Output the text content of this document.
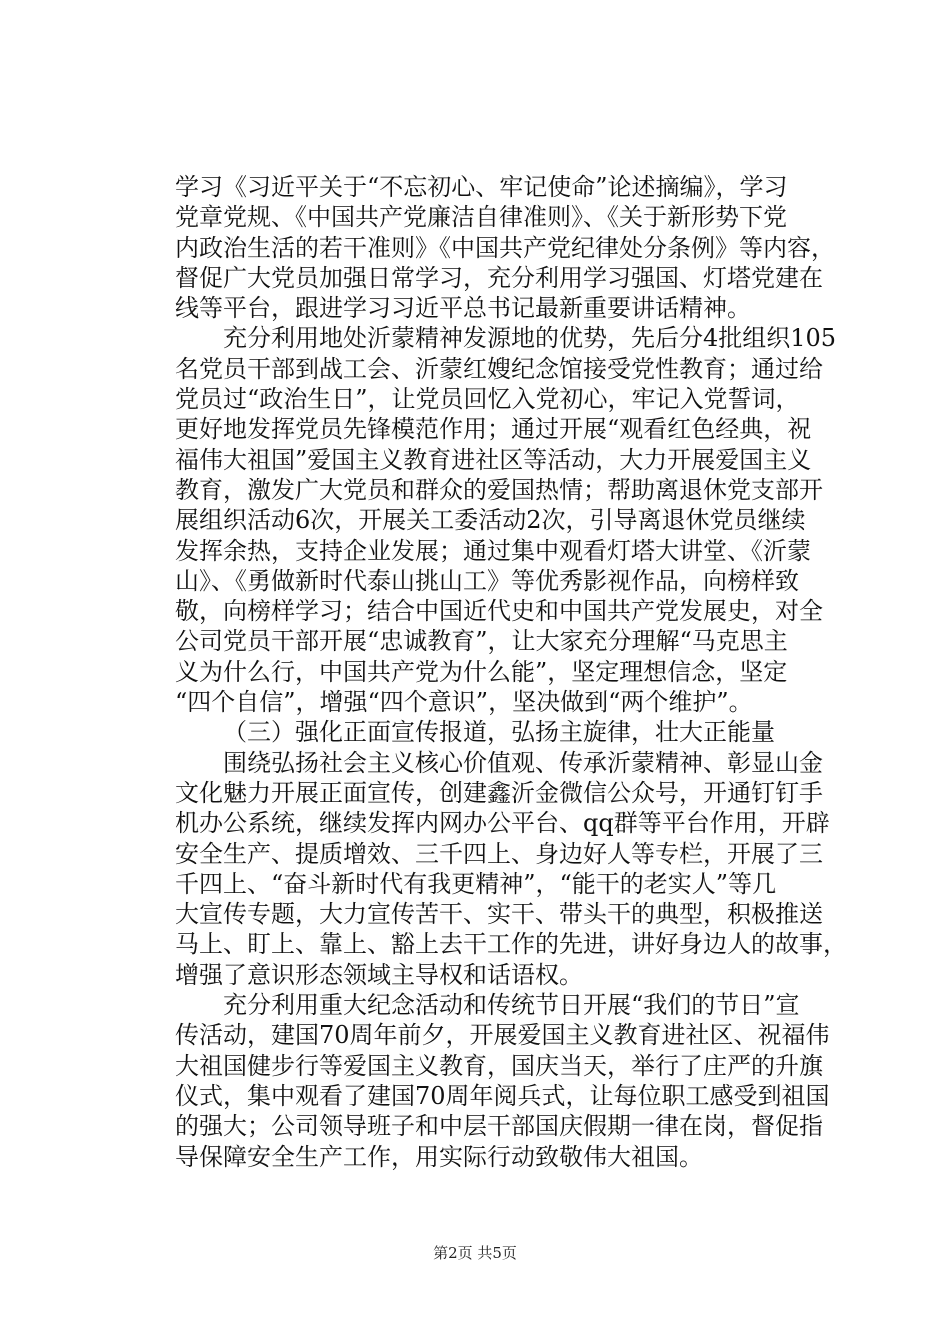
学习《习近平关于“不忘初心、牢记使命”论述摘编》，学习
党章党规、《中国共产党廉洁自律准则》、《关于新形势下党
内政治生活的若干准则》《中国共产党纪律处分条例》等内容，
督促广大党员加强日常学习，充分利用学习强国、灯塔党建在
线等平台，跟进学习习近平总书记最新重要讲话精神。
充分利用地处沂蒙精神发源地的优势，先后分4批组织105
名党员干部到战工会、沂蒙红嫂纪念馆接受党性教育；通过给
党员过“政治生日”，让党员回忆入党初心，牢记入党誓词，
更好地发挥党员先锋模范作用；通过开展“观看红色经典，祝
福伟大祖国”爱国主义教育进社区等活动，大力开展爱国主义
教育，激发广大党员和群众的爱国热情；帮助离退休党支部开
展组织活动6次，开展关工委活动2次，引导离退休党员继续
发挥余热，支持企业发展；通过集中观看灯塔大讲堂、《沂蒙
山》、《勇做新时代泰山挑山工》等优秀影视作品，向榜样致
敬，向榜样学习；结合中国近代史和中国共产党发展史，对全
公司党员干部开展“忠诚教育”，让大家充分理解“马克思主
义为什么行，中国共产党为什么能”，坚定理想信念，坚定
“四个自信”，增强“四个意识”，坚决做到“两个维护”。
（三）强化正面宣传报道，弘扬主旋律，壮大正能量
围绕弘扬社会主义核心价值观、传承沂蒙精神、彰显山金
文化魅力开展正面宣传，创建鑫沂金微信公众号，开通钉钉手
机办公系统，继续发挥内网办公平台、qq群等平台作用，开辟
安全生产、提质增效、三千四上、身边好人等专栏，开展了三
千四上、“奋斗新时代有我更精神”，“能干的老实人”等几
大宣传专题，大力宣传苦干、实干、带头干的典型，积极推送
马上、盯上、靠上、豁上去干工作的先进，讲好身边人的故事，
增强了意识形态领域主导权和话语权。
充分利用重大纪念活动和传统节日开展“我们的节日”宣
传活动，建国70周年前夕，开展爱国主义教育进社区、祝福伟
大祖国健步行等爱国主义教育，国庆当天，举行了庄严的升旗
仪式，集中观看了建国70周年阅兵式，让每位职工感受到祖国
的强大；公司领导班子和中层干部国庆假期一律在岗，督促指
导保障安全生产工作，用实际行动致敬伟大祖国。
第2页 共5页
